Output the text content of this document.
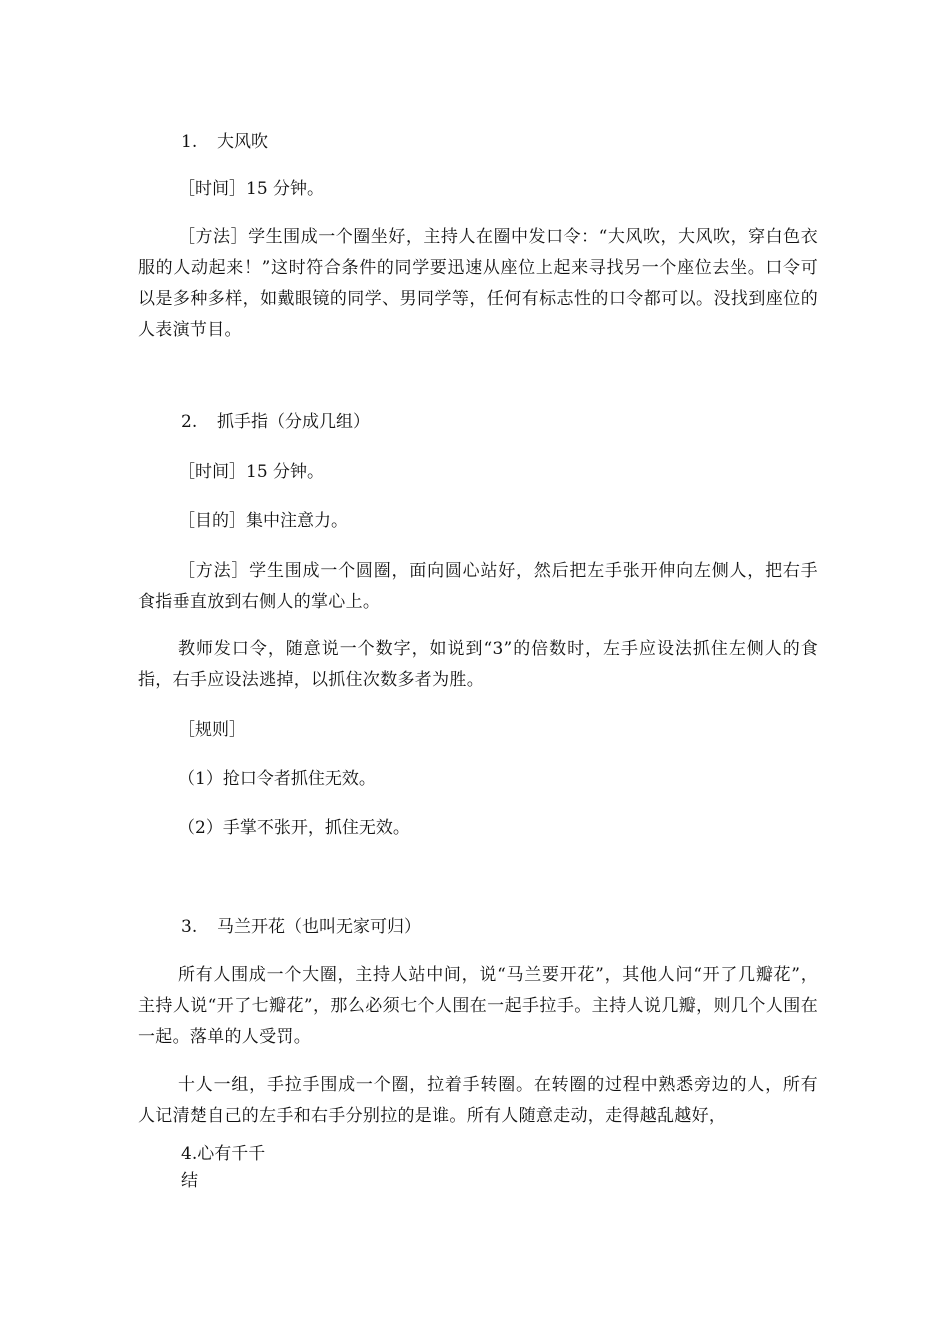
1. 大风吹
［时间］15 分钟。
［方法］学生围成一个圈坐好，主持人在圈中发口令：“大风吹，大风吹，穿白色衣服的人动起来！”这时符合条件的同学要迅速从座位上起来寻找另一个座位去坐。口令可以是多种多样，如戴眼镜的同学、男同学等，任何有标志性的口令都可以。没找到座位的人表演节目。
2. 抓手指（分成几组）
［时间］15 分钟。
［目的］集中注意力。
［方法］学生围成一个圆圈，面向圆心站好，然后把左手张开伸向左侧人，把右手食指垂直放到右侧人的掌心上。
教师发口令，随意说一个数字，如说到“3”的倍数时，左手应设法抓住左侧人的食指，右手应设法逃掉，以抓住次数多者为胜。
［规则］
（1）抢口令者抓住无效。
（2）手掌不张开，抓住无效。
3. 马兰开花（也叫无家可归）
所有人围成一个大圈，主持人站中间，说“马兰要开花”，其他人问“开了几瓣花”，主持人说“开了七瓣花”，那么必须七个人围在一起手拉手。主持人说几瓣，则几个人围在一起。落单的人受罚。
十人一组，手拉手围成一个圈，拉着手转圈。在转圈的过程中熟悉旁边的人，所有人记清楚自己的左手和右手分别拉的是谁。所有人随意走动，走得越乱越好，
4.心有千千结
